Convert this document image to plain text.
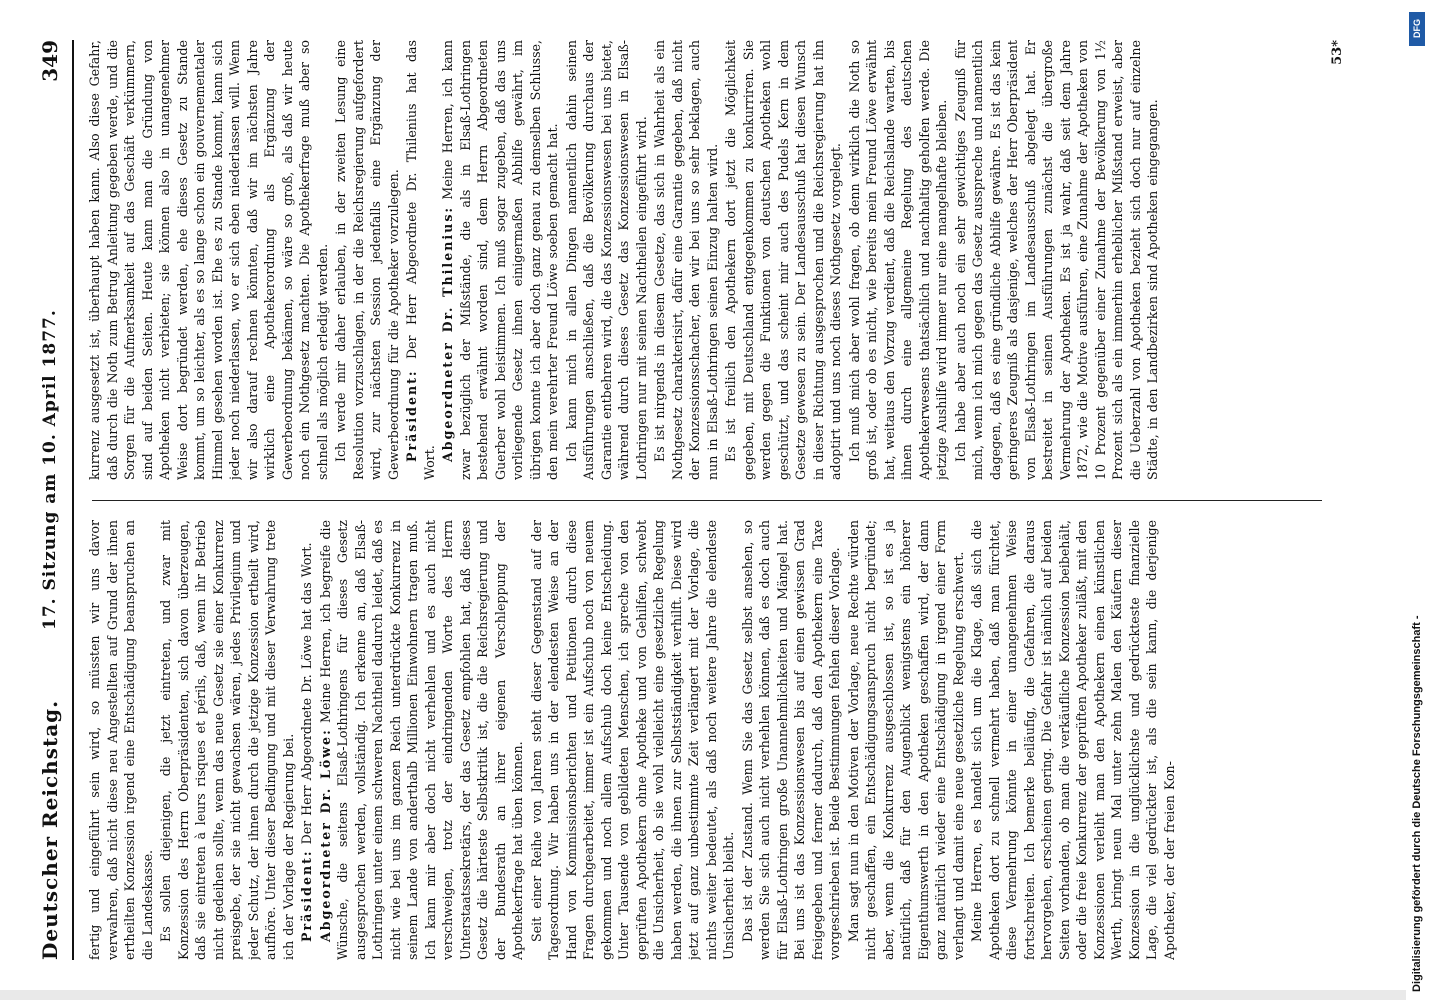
Deutscher Reichstag.
17. Sitzung am 10. April 1877.
349

fertig und eingeführt sein wird, so müssten wir uns davor verwahren, daß nicht diese neu Angestellten auf Grund der ihnen ertheilten Konzession irgend eine Entschädigung beanspruchen an die Landeskasse. Es sollen diejenigen, die jetzt eintreten, und zwar mit Konzession des Herrn Oberpräsidenten, sich davon überzeugen, daß sie eintreten à leurs risques et périls, daß, wenn ihr Betrieb nicht gedeihen sollte, wenn das neue Gesetz sie einer Konkurrenz preisgebe, der sie nicht gewachsen wären, jedes Privilegium und jeder Schutz, der ihnen durch die jetzige Konzession ertheilt wird, aufhöre. Unter dieser Bedingung und mit dieser Verwahrung trete ich der Vorlage der Regierung bei. Präsident: Der Herr Abgeordnete Dr. Löwe hat das Wort. Abgeordneter Dr. Löwe: Meine Herren, ich begreife die Wünsche, die seitens Elsaß-Lothringens für dieses Gesetz ausgesprochen werden, vollständig. Ich erkenne an, daß Elsaß-Lothringen unter einem schweren Nachtheil dadurch leidet, daß es nicht wie bei uns im ganzen Reich unterdrückte Konkurrenz in seinem Lande von anderthalb Millionen Einwohnern tragen muß. Ich kann mir aber doch nicht verhehlen und es auch nicht verschweigen, trotz der eindringenden Worte des Herrn Unterstaatssekretärs, der das Gesetz empfohlen hat, daß dieses Gesetz die härteste Selbstkritik ist, die die Reichsregierung und der Bundesrath an ihrer eigenen Verschleppung der Apothekerfrage hat üben können. Seit einer Reihe von Jahren steht dieser Gegenstand auf der Tagesordnung. Wir haben uns in der elendesten Weise an der Hand von Kommissionsberichten und Petitionen durch diese Fragen durchgearbeitet, immer ist ein Aufschub noch von neuem gekommen und noch allem Aufschub doch keine Entscheidung. Unter Tausende von gebildeten Menschen, ich spreche von den geprüften Apothekern ohne Apotheke und von Gehilfen, schwebt die Unsicherheit, ob sie wohl vielleicht eine gesetzliche Regelung haben werden, die ihnen zur Selbstständigkeit verhilft. Diese wird jetzt auf ganz unbestimmte Zeit verlängert mit der Vorlage, die nichts weiter bedeutet, als daß noch weitere Jahre die elendeste Unsicherheit bleibt. Das ist der Zustand. Wenn Sie das Gesetz selbst ansehen, so werden Sie sich auch nicht verhehlen können, daß es doch auch für Elsaß-Lothringen große Unannehmlichkeiten und Mängel hat. Bei uns ist das Konzessionswesen bis auf einen gewissen Grad freigegeben und ferner dadurch, daß den Apothekern eine Taxe vorgeschrieben ist. Beide Bestimmungen fehlen dieser Vorlage. Man sagt nun in den Motiven der Vorlage, neue Rechte würden nicht geschaffen, ein Entschädigungsanspruch nicht begründet; aber, wenn die Konkurrenz ausgeschlossen ist, so ist es ja natürlich, daß für den Augenblick wenigstens ein höherer Eigenthumswerth in den Apotheken geschaffen wird, der dann ganz natürlich wieder eine Entschädigung in irgend einer Form verlangt und damit eine neue gesetzliche Regelung erschwert. Meine Herren, es handelt sich um die Klage, daß sich die Apotheken dort zu schnell vermehrt haben, daß man fürchtet, diese Vermehrung könnte in einer unangenehmen Weise fortschreiten. Ich bemerke beiläufig, die Gefahren, die daraus hervorgehen, erscheinen gering. Die Gefahr ist nämlich auf beiden Seiten vorhanden, ob man die verkäufliche Konzession beibehält, oder die freie Konkurrenz der geprüften Apotheker zuläßt, mit den Konzessionen verleiht man den Apothekern einen künstlichen Werth, bringt neun Mal unter zehn Malen den Käufern dieser Konzession in die unglücklichste und gedrückteste finanzielle Lage, die viel gedrückter ist, als die sein kann, die derjenige Apotheker, der der freien Kon-

kurrenz ausgesetzt ist, überhaupt haben kann. Also diese Gefahr, daß durch die Noth zum Betrug Anleitung gegeben werde, und die Sorgen für die Aufmerksamkeit auf das Geschäft verkümmern, sind auf beiden Seiten. Heute kann man die Gründung von Apotheken nicht verbieten; sie können also in unangenehmer Weise dort begründet werden, ehe dieses Gesetz zu Stande kommt, um so leichter, als es so lange schon ein gouvernementaler Himmel gesehen worden ist. Ehe es zu Stande kommt, kann sich jeder noch niederlassen, wo er sich eben niederlassen will. Wenn wir also darauf rechnen könnten, daß wir im nächsten Jahre wirklich eine Apothekerordnung als Ergänzung der Gewerbeordnung bekämen, so wäre so groß, als daß wir heute noch ein Nothgesetz machten. Die Apothekerfrage muß aber so schnell als möglich erledigt werden. Ich werde mir daher erlauben, in der zweiten Lesung eine Resolution vorzuschlagen, in der die Reichsregierung aufgefordert wird, zur nächsten Session jedenfalls eine Ergänzung der Gewerbeordnung für die Apotheker vorzulegen. Präsident: Der Herr Abgeordnete Dr. Thilenius hat das Wort.

Abgeordneter Dr. Thilenius: Meine Herren, ich kann zwar bezüglich der Mißstände, die als in Elsaß-Lothringen bestehend erwähnt worden sind, dem Herrn Abgeordneten Guerber wohl beistimmen. Ich muß sogar zugeben, daß das uns vorliegende Gesetz ihnen einigermaßen Abhilfe gewährt, im übrigen konnte ich aber doch ganz genau zu demselben Schlusse, den mein verehrter Freund Löwe soeben gemacht hat. Ich kann mich in allen Dingen namentlich dahin seinen Ausführungen anschließen, daß die Bevölkerung durchaus der Garantie entbehren wird, die das Konzessionswesen bei uns bietet, während durch dieses Gesetz das Konzessionswesen in Elsaß-Lothringen nur mit seinen Nachtheilen eingeführt wird. Es ist nirgends in diesem Gesetze, das sich in Wahrheit als ein Nothgesetz charakterisirt, dafür eine Garantie gegeben, daß nicht der Konzessionsschacher, den wir bei uns so sehr beklagen, auch nun in Elsaß-Lothringen seinen Einzug halten wird. Es ist freilich den Apothekern dort jetzt die Möglichkeit gegeben, mit Deutschland entgegenkommen zu konkurriren. Sie werden gegen die Funktionen von deutschen Apotheken wohl geschützt, und das scheint mir auch des Pudels Kern in dem Gesetze gewesen zu sein. Der Landesausschuß hat diesen Wunsch in dieser Richtung ausgesprochen und die Reichsregierung hat ihn adoptirt und uns noch dieses Nothgesetz vorgelegt. Ich muß mich aber wohl fragen, ob denn wirklich die Noth so groß ist, oder ob es nicht, wie bereits mein Freund Löwe erwähnt hat, weitaus den Vorzug verdient, daß die Reichslande warten, bis ihnen durch eine allgemeine Regelung des deutschen Apothekerwesens thatsächlich und nachhaltig geholfen werde. Die jetzige Aushilfe wird immer nur eine mangelhafte bleiben. Ich habe aber auch noch ein sehr gewichtiges Zeugniß für mich, wenn ich mich gegen das Gesetz ausspreche und namentlich dagegen, daß es eine gründliche Abhilfe gewähre. Es ist das kein geringeres Zeugniß als dasjenige, welches der Herr Oberpräsident von Elsaß-Lothringen im Landesausschuß abgelegt hat. Er bestreitet in seinen Ausführungen zunächst die übergroße Vermehrung der Apotheken. Es ist ja wahr, daß seit dem Jahre 1872, wie die Motive ausführen, eine Zunahme der Apotheken von 10 Prozent gegenüber einer Zunahme der Bevölkerung von 1½ Prozent sich als ein immerhin erheblicher Mißstand erweist, aber die Ueberzahl von Apotheken bezieht sich doch nur auf einzelne Städte, in den Landbezirken sind Apotheken eingegangen.

53*
DFG
Digitalisierung gefördert durch die Deutsche Forschungsgemeinschaft -
